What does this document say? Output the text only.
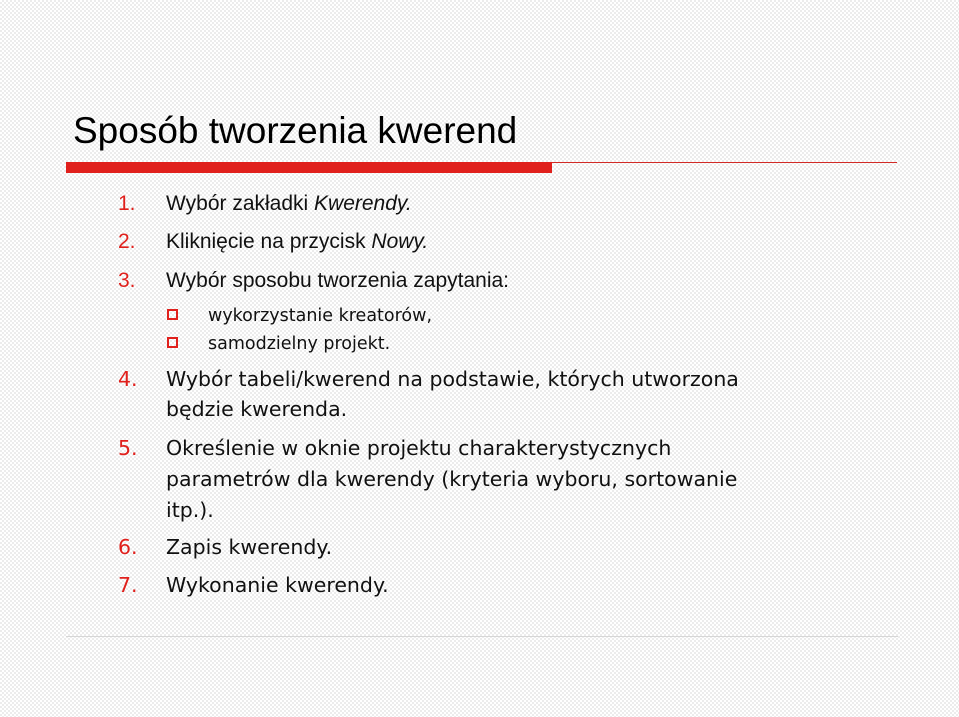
Sposób tworzenia kwerend
1.	Wybór zakładki Kwerendy.
2.	Kliknięcie na przycisk Nowy.
3.	Wybór sposobu tworzenia zapytania:
wykorzystanie kreatorów,
samodzielny projekt.
4.	Wybór tabeli/kwerend na podstawie, których utworzona
będzie kwerenda.
5.	Określenie w oknie projektu charakterystycznych
parametrów dla kwerendy (kryteria wyboru, sortowanie
itp.).
6.	Zapis kwerendy.
7.	Wykonanie kwerendy.
